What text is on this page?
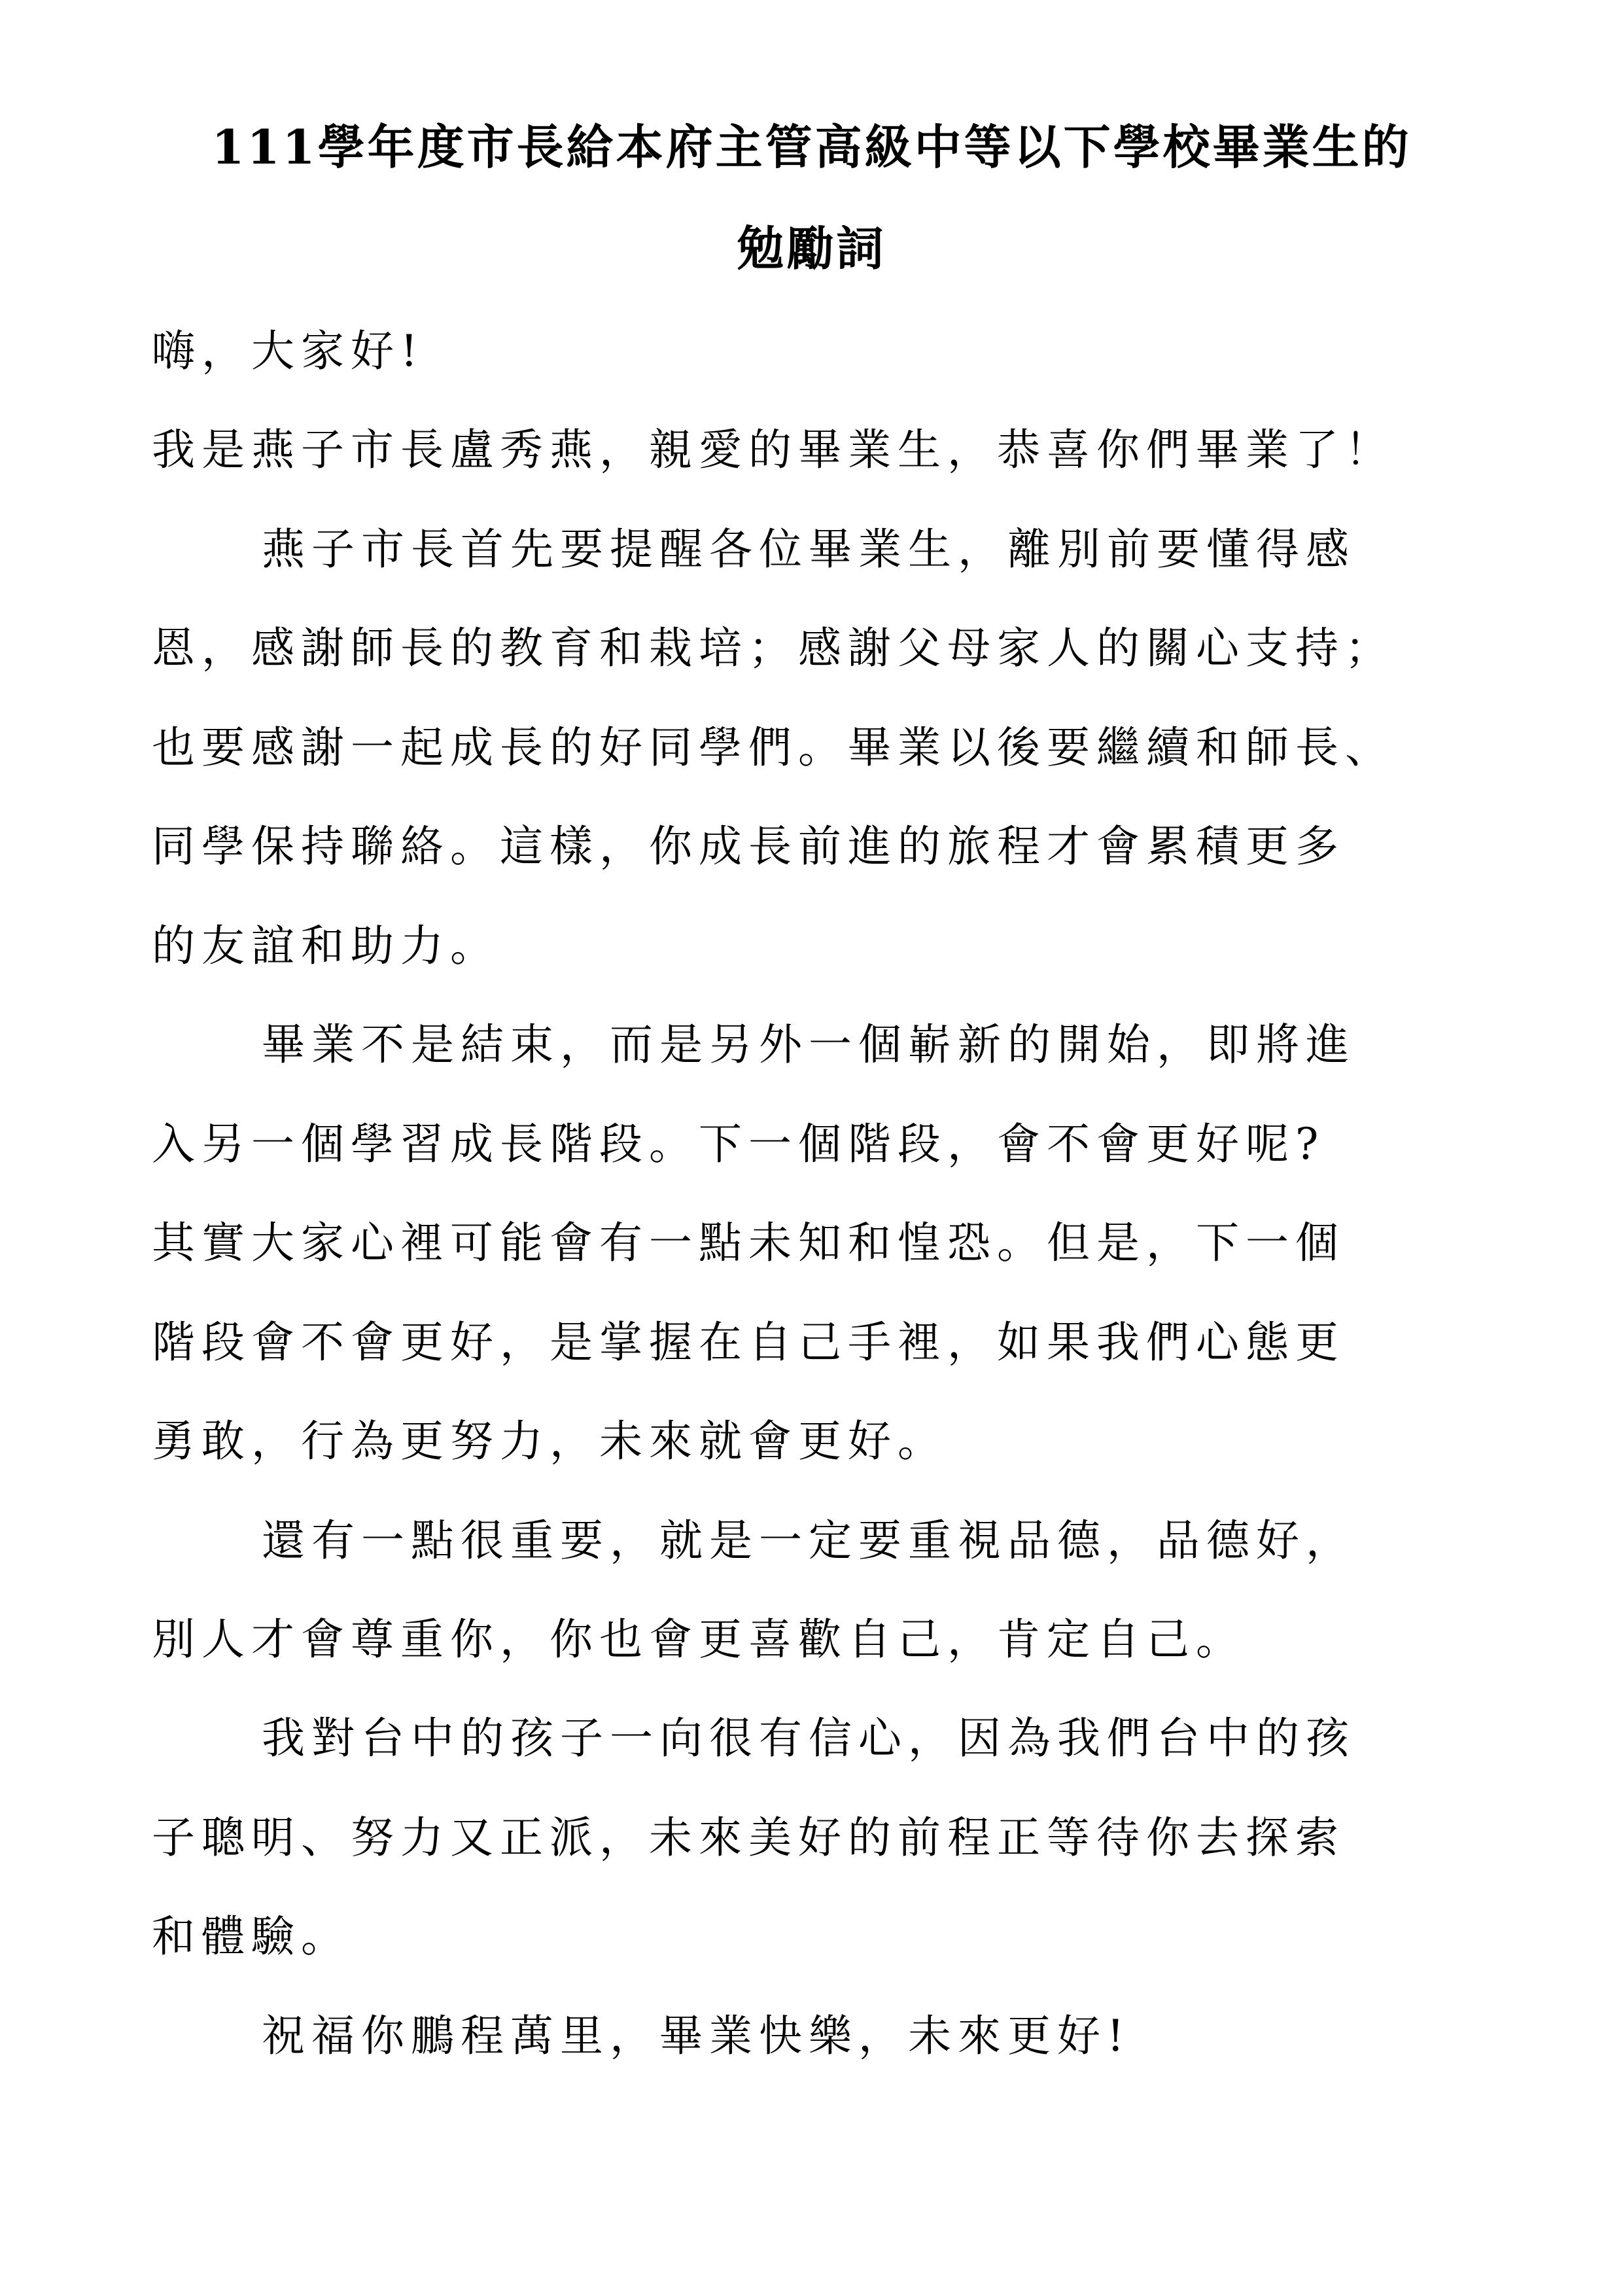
111學年度市長給本府主管高級中等以下學校畢業生的
勉勵詞
嗨，大家好!
我是燕子市長盧秀燕，親愛的畢業生，恭喜你們畢業了！
燕子市長首先要提醒各位畢業生，離別前要懂得感
恩，感謝師長的教育和栽培；感謝父母家人的關心支持；
也要感謝一起成長的好同學們。畢業以後要繼續和師長、
同學保持聯絡。這樣，你成長前進的旅程才會累積更多
的友誼和助力。
畢業不是結束，而是另外一個嶄新的開始，即將進
入另一個學習成長階段。下一個階段，會不會更好呢?
其實大家心裡可能會有一點未知和惶恐。但是，下一個
階段會不會更好，是掌握在自己手裡，如果我們心態更
勇敢，行為更努力，未來就會更好。
還有一點很重要，就是一定要重視品德，品德好，
別人才會尊重你，你也會更喜歡自己，肯定自己。
我對台中的孩子一向很有信心，因為我們台中的孩
子聰明、努力又正派，未來美好的前程正等待你去探索
和體驗。
祝福你鵬程萬里，畢業快樂，未來更好!
